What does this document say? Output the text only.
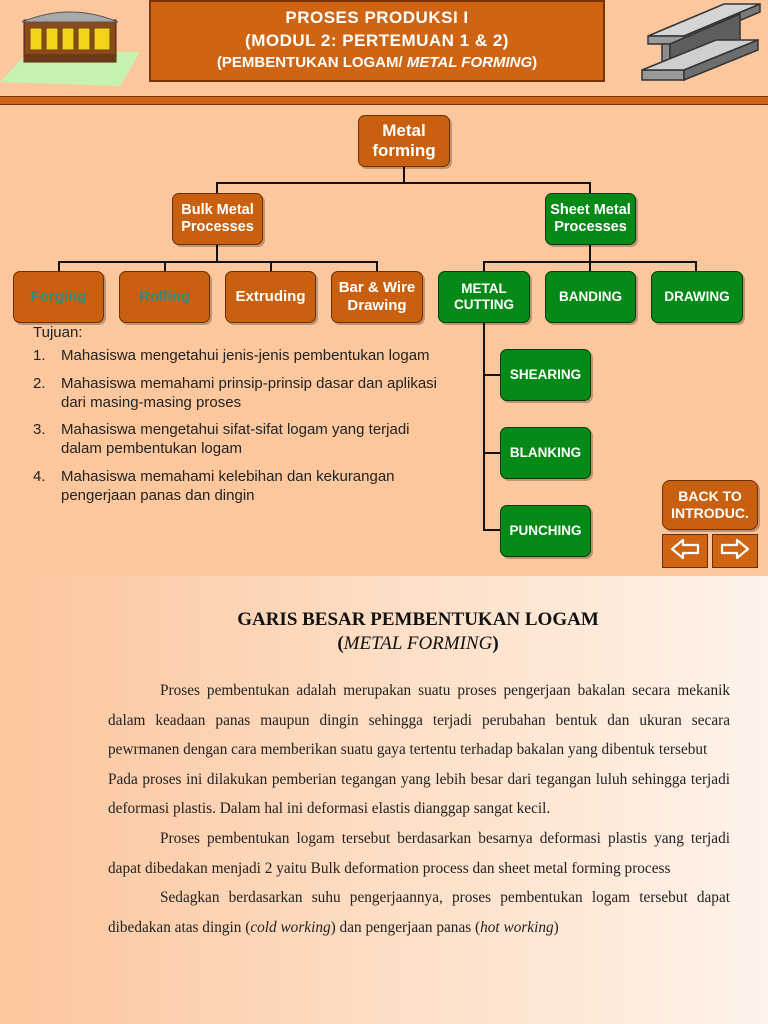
PROSES PRODUKSI I
(MODUL 2: PERTEMUAN 1 & 2)
(PEMBENTUKAN LOGAM/ METAL FORMING)
Metal forming
Bulk Metal Processes
Sheet Metal Processes
Forging	Rolling	Extruding
Bar & Wire Drawing
METAL CUTTING
BANDING	DRAWING
SHEARING
BLANKING
PUNCHING
Tujuan:
1. Mahasiswa mengetahui jenis-jenis pembentukan logam
2. Mahasiswa memahami prinsip-prinsip dasar dan aplikasi dari masing-masing proses
3. Mahasiswa mengetahui sifat-sifat logam yang terjadi dalam pembentukan logam
4. Mahasiswa memahami kelebihan dan kekurangan pengerjaan panas dan dingin	BACK TO INTRODUC.
GARIS BESAR PEMBENTUKAN LOGAM
(METAL FORMING)

Proses pembentukan adalah merupakan suatu proses pengerjaan bakalan secara mekanik dalam keadaan panas maupun dingin sehingga terjadi perubahan bentuk dan ukuran secara pewrmanen dengan cara memberikan suatu gaya tertentu terhadap bakalan yang dibentuk tersebut

Pada proses ini dilakukan pemberian tegangan yang lebih besar dari tegangan luluh sehingga terjadi deformasi plastis. Dalam hal ini deformasi elastis dianggap sangat kecil.

Proses pembentukan logam tersebut berdasarkan besarnya deformasi plastis yang terjadi dapat dibedakan menjadi 2 yaitu Bulk deformation process dan sheet metal forming process

Sedagkan berdasarkan suhu pengerjaannya, proses pembentukan logam tersebut dapat dibedakan atas dingin (cold working) dan pengerjaan panas (hot working)
